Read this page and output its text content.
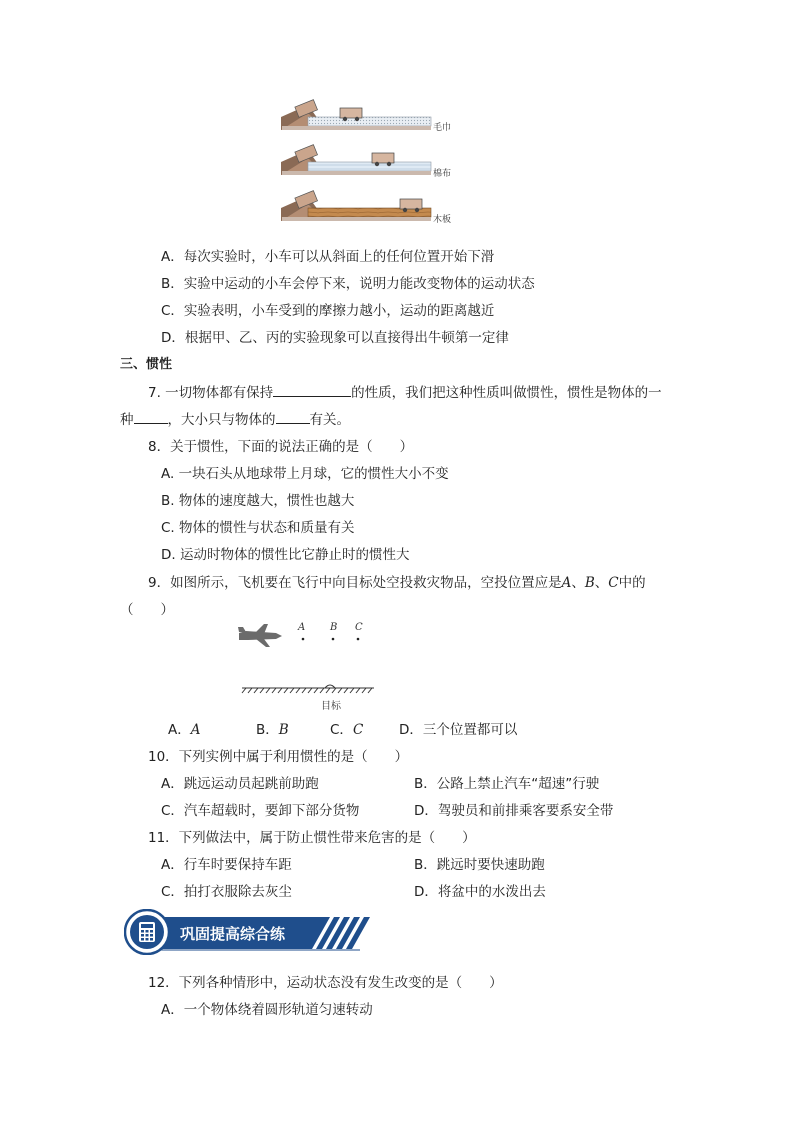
毛巾
棉布
木板
A．每次实验时，小车可以从斜面上的任何位置开始下滑
B．实验中运动的小车会停下来，说明力能改变物体的运动状态
C．实验表明，小车受到的摩擦力越小，运动的距离越近
D．根据甲、乙、丙的实验现象可以直接得出牛顿第一定律
三、惯性
7. 一切物体都有保持	的性质，我们把这种性质叫做惯性，惯性是物体的一
种	，大小只与物体的	有关。
8．关于惯性，下面的说法正确的是（　　）
A. 一块石头从地球带上月球，它的惯性大小不变
B. 物体的速度越大，惯性也越大
C. 物体的惯性与状态和质量有关
D. 运动时物体的惯性比它静止时的惯性大
9．如图所示，飞机要在飞行中向目标处空投救灾物品，空投位置应是A、B、C中的
（　　）
A B C
目标
A．A	B．B	C．C	D．三个位置都可以
10．下列实例中属于利用惯性的是（　　）
A．跳远运动员起跳前助跑	B．公路上禁止汽车“超速”行驶
C．汽车超载时，要卸下部分货物	D．驾驶员和前排乘客要系安全带
11．下列做法中，属于防止惯性带来危害的是（　　）
A．行车时要保持车距	B．跳远时要快速助跑
C．拍打衣服除去灰尘	D．将盆中的水泼出去
巩固提高综合练
12．下列各种情形中，运动状态没有发生改变的是（　　）
A．一个物体绕着圆形轨道匀速转动
